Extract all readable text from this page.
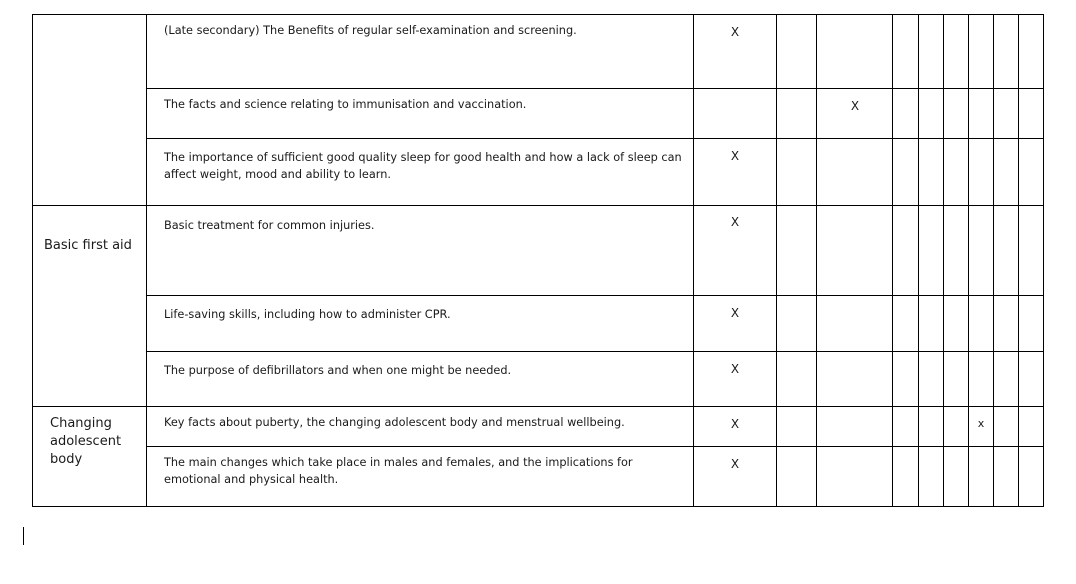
Basic first aid
Changing adolescent body
(Late secondary) The Benefits of regular self-examination and screening.
The facts and science relating to immunisation and vaccination.
The importance of sufficient good quality sleep for good health and how a lack of sleep can affect weight, mood and ability to learn.
Basic treatment for common injuries.
Life-saving skills, including how to administer CPR.
The purpose of defibrillators and when one might be needed.
Key facts about puberty, the changing adolescent body and menstrual wellbeing.
The main changes which take place in males and females, and the implications for emotional and physical health.
X
X
X
X
X
X
X	x
X
